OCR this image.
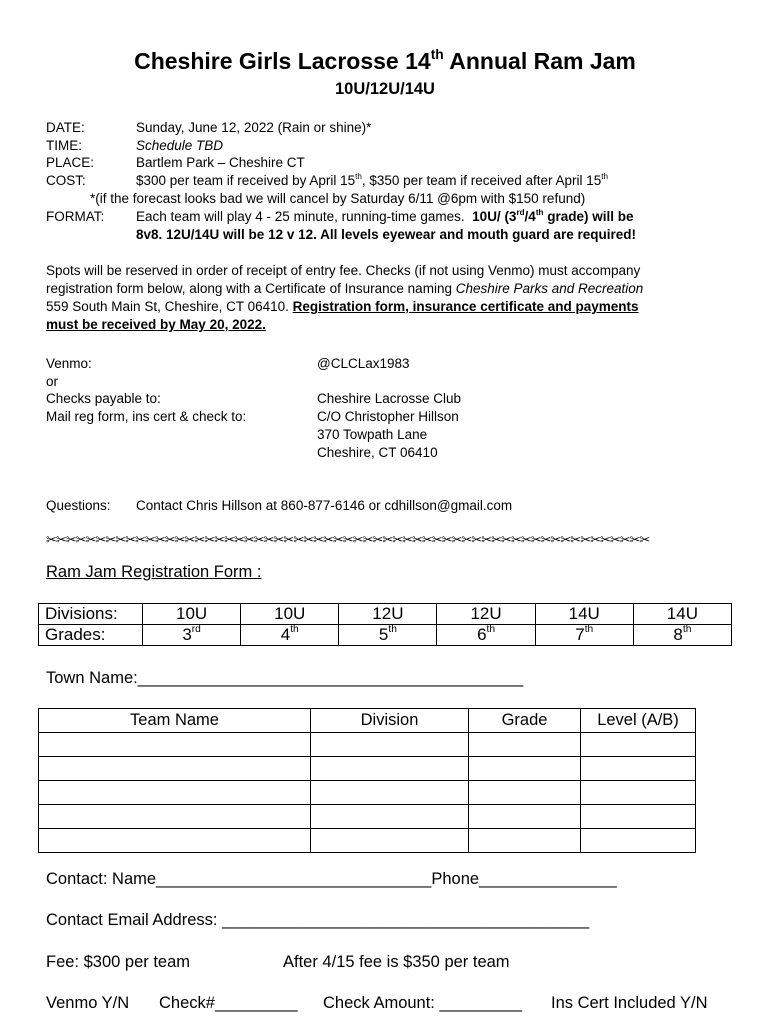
Cheshire Girls Lacrosse 14th Annual Ram Jam
10U/12U/14U
DATE:	Sunday, June 12, 2022 (Rain or shine)*
TIME:	Schedule TBD
PLACE:	Bartlem Park – Cheshire CT
COST:	$300 per team if received by April 15th, $350 per team if received after April 15th
*(if the forecast looks bad we will cancel by Saturday 6/11 @6pm with $150 refund)
FORMAT: Each team will play 4 - 25 minute, running-time games. 10U/ (3rd/4th grade) will be
8v8. 12U/14U will be 12 v 12. All levels eyewear and mouth guard are required!
Spots will be reserved in order of receipt of entry fee. Checks (if not using Venmo) must accompany
registration form below, along with a Certificate of Insurance naming Cheshire Parks and Recreation
559 South Main St, Cheshire, CT 06410. Registration form, insurance certificate and payments
must be received by May 20, 2022.
Venmo:	@CLCLax1983
or
Checks payable to:	Cheshire Lacrosse Club
Mail reg form, ins cert & check to:	C/O Christopher Hillson
370 Towpath Lane
Cheshire, CT 06410
Questions: Contact Chris Hillson at 860-877-6146 or cdhillson@gmail.com
✂✂✂✂✂✂✂✂✂✂✂✂✂✂✂✂✂✂✂✂✂✂✂✂✂✂✂✂✂✂✂✂✂✂✂✂✂✂✂✂✂✂✂✂✂✂✂✂✂✂✂✂✂✂✂✂✂✂✂✂✂
Ram Jam Registration Form :
Divisions:	10U	10U	12U	12U	14U	14U
Grades:	3rd	4th	5th	6th	7th	8th
Town Name:__________________________________________
Team Name	Division	Grade	Level (A/B)

Contact: Name______________________________Phone_______________
Contact Email Address: ________________________________________
Fee: $300 per team	After 4/15 fee is $350 per team
Venmo Y/N Check#_________ Check Amount: _________ Ins Cert Included Y/N
